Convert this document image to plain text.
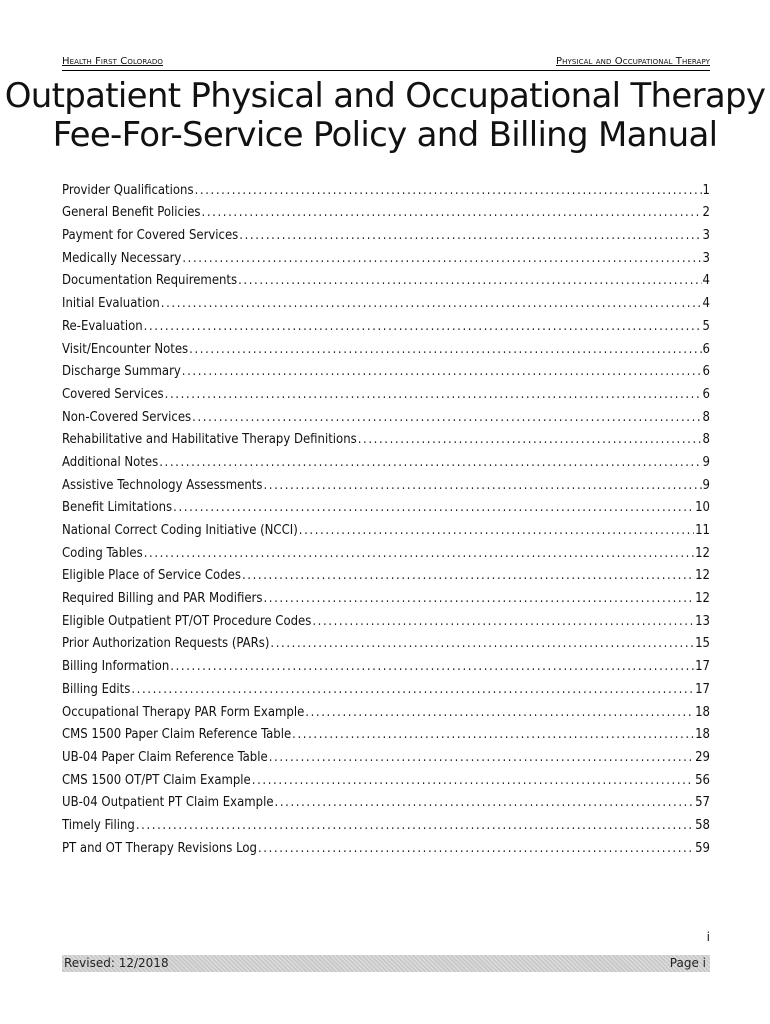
Health First Colorado	Physical and Occupational Therapy
Outpatient Physical and Occupational Therapy
Fee-For-Service Policy and Billing Manual
Provider Qualifications .....	1
General Benefit Policies .....	2
Payment for Covered Services .....	3
Medically Necessary .....	3
Documentation Requirements .....	4
Initial Evaluation .....	4
Re-Evaluation .....	5
Visit/Encounter Notes .....	6
Discharge Summary .....	6
Covered Services .....	6
Non-Covered Services .....	8
Rehabilitative and Habilitative Therapy Definitions .....	8
Additional Notes .....	9
Assistive Technology Assessments .....	9
Benefit Limitations .....	10
National Correct Coding Initiative (NCCI) .....	11
Coding Tables .....	12
Eligible Place of Service Codes .....	12
Required Billing and PAR Modifiers .....	12
Eligible Outpatient PT/OT Procedure Codes .....	13
Prior Authorization Requests (PARs) .....	15
Billing Information .....	17
Billing Edits .....	17
Occupational Therapy PAR Form Example .....	18
CMS 1500 Paper Claim Reference Table .....	18
UB-04 Paper Claim Reference Table .....	29
CMS 1500 OT/PT Claim Example .....	56
UB-04 Outpatient PT Claim Example .....	57
Timely Filing .....	58
PT and OT Therapy Revisions Log .....	59
i
Revised: 12/2018	Page i
